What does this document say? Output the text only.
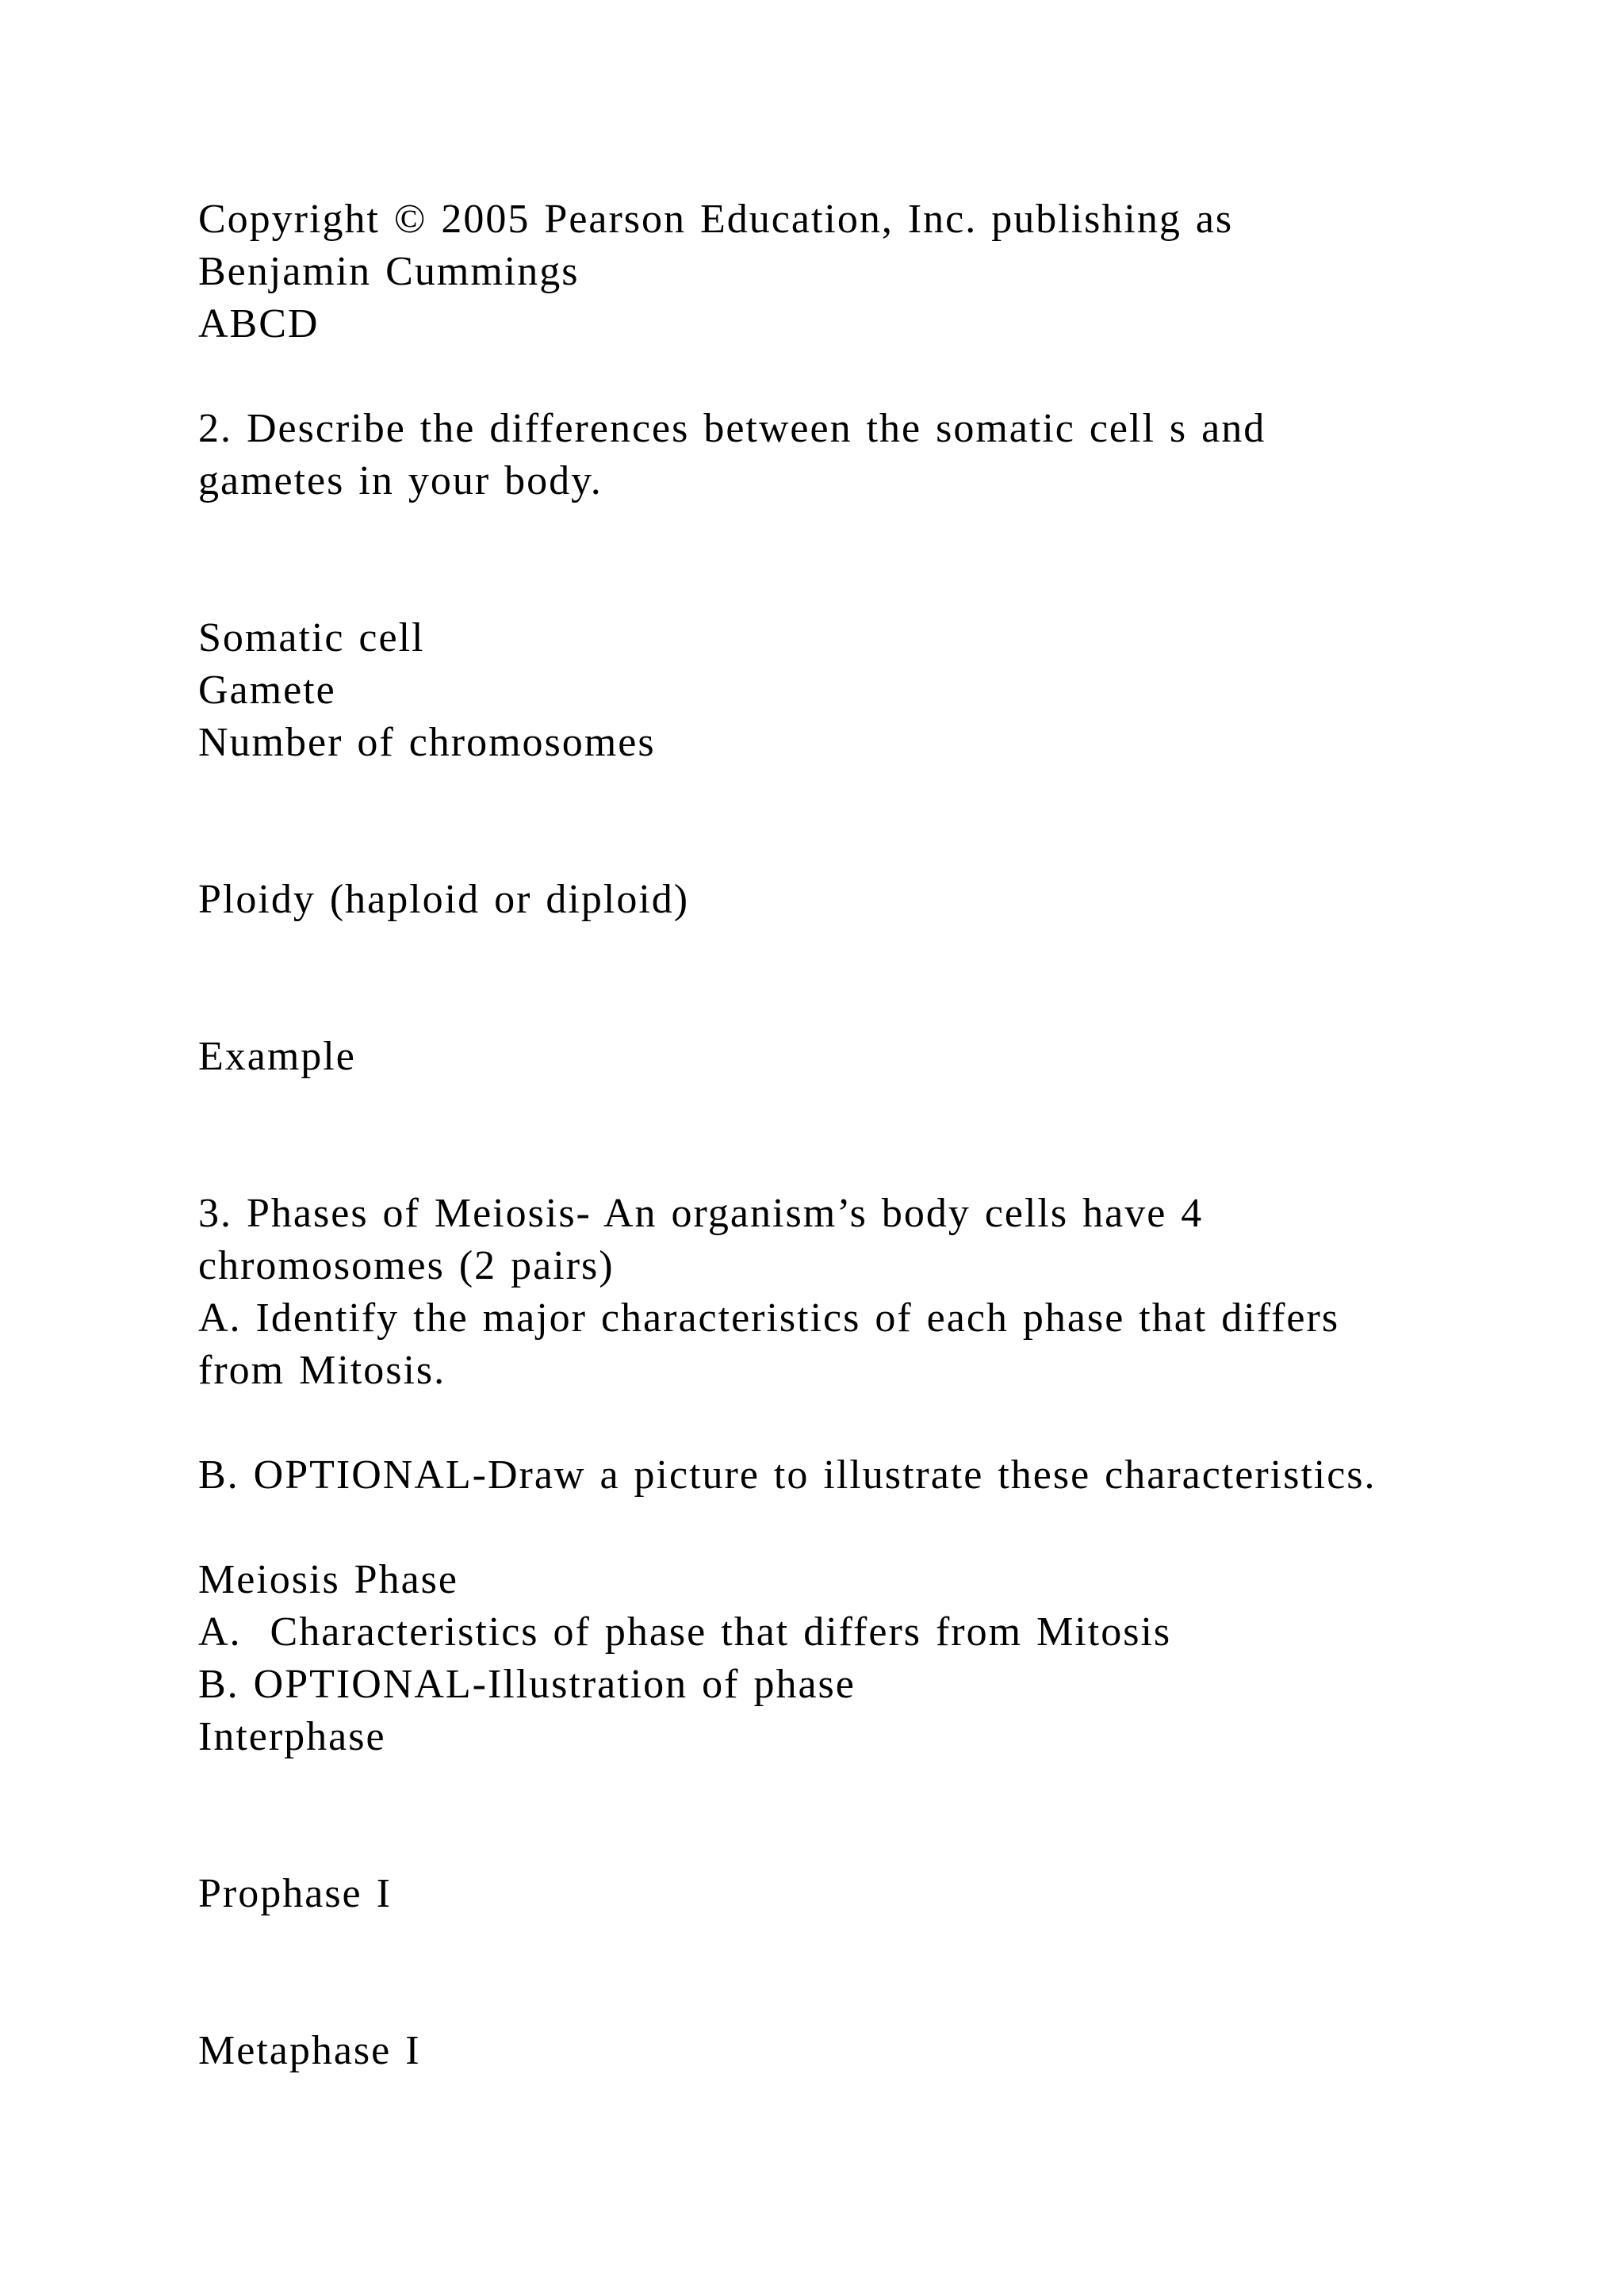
Copyright © 2005 Pearson Education, Inc. publishing as
Benjamin Cummings
ABCD
2. Describe the differences between the somatic cell s and
gametes in your body.
Somatic cell
Gamete
Number of chromosomes
Ploidy (haploid or diploid)
Example
3. Phases of Meiosis- An organism’s body cells have 4
chromosomes (2 pairs)
A. Identify the major characteristics of each phase that differs
from Mitosis.
B. OPTIONAL-Draw a picture to illustrate these characteristics.
Meiosis Phase
A.  Characteristics of phase that differs from Mitosis
B. OPTIONAL-Illustration of phase
Interphase
Prophase I
Metaphase I
